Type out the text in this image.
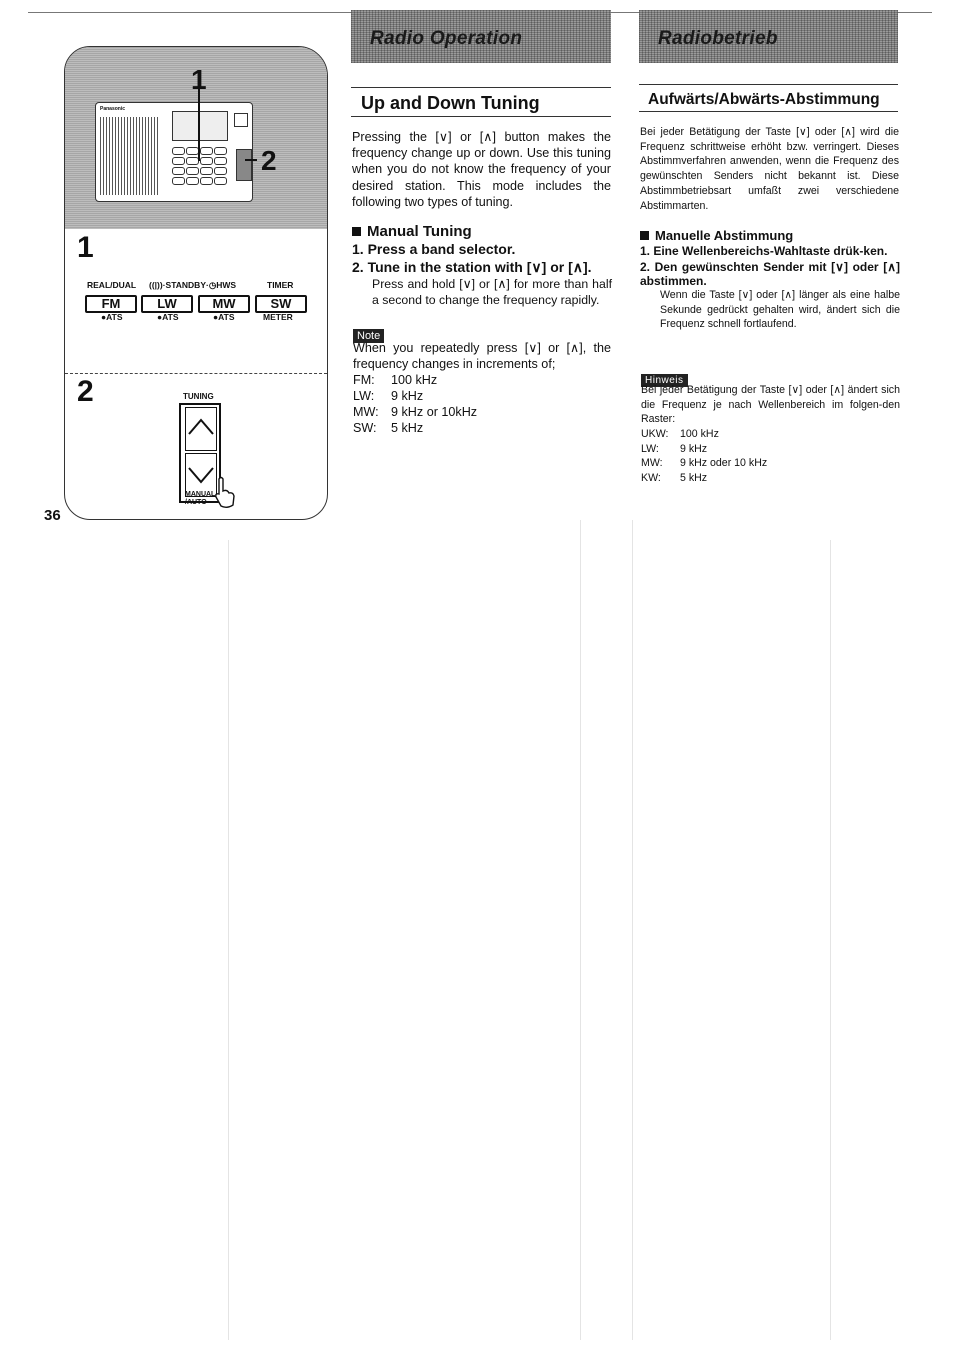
Panasonic
1
2
1
REAL/DUAL ((|))·STANDBY·◷HWS	TIMER
FM	LW	MW	SW
●ATS	●ATS	●ATS	METER
2	TUNING
MANUAL
/AUTO
36
Radio Operation
Up and Down Tuning
Pressing the [∨] or [∧] button makes the frequency change up or down. Use this tuning when you do not know the frequency of your desired station. This mode includes the following two types of tuning.
Manual Tuning
1. Press a band selector.
2. Tune in the station with [∨] or [∧].
Press and hold [∨] or [∧] for more than half a second to change the frequency rapidly.
Note
When you repeatedly press [∨] or [∧], the frequency changes in increments of;
FM:	100 kHz
LW:	9 kHz
MW:	9 kHz or 10kHz
SW:	5 kHz
Radiobetrieb
Aufwärts/Abwärts-Abstimmung
Bei jeder Betätigung der Taste [∨] oder [∧] wird die Frequenz schrittweise erhöht bzw. verringert. Dieses Abstimmverfahren anwenden, wenn die Frequenz des gewünschten Senders nicht bekannt ist. Diese Abstimmbetriebsart umfaßt zwei verschiedene Abstimmarten.
Manuelle Abstimmung
1. Eine Wellenbereichs-Wahltaste drük-ken.
2. Den gewünschten Sender mit [∨] oder [∧] abstimmen.
Wenn die Taste [∨] oder [∧] länger als eine halbe Sekunde gedrückt gehalten wird, ändert sich die Frequenz schnell fortlaufend.
Hinweis
Bei jeder Betätigung der Taste [∨] oder [∧] ändert sich die Frequenz je nach Wellenbereich im folgen-den Raster:
UKW:	100 kHz
LW:	9 kHz
MW:	9 kHz oder 10 kHz
KW:	5 kHz
